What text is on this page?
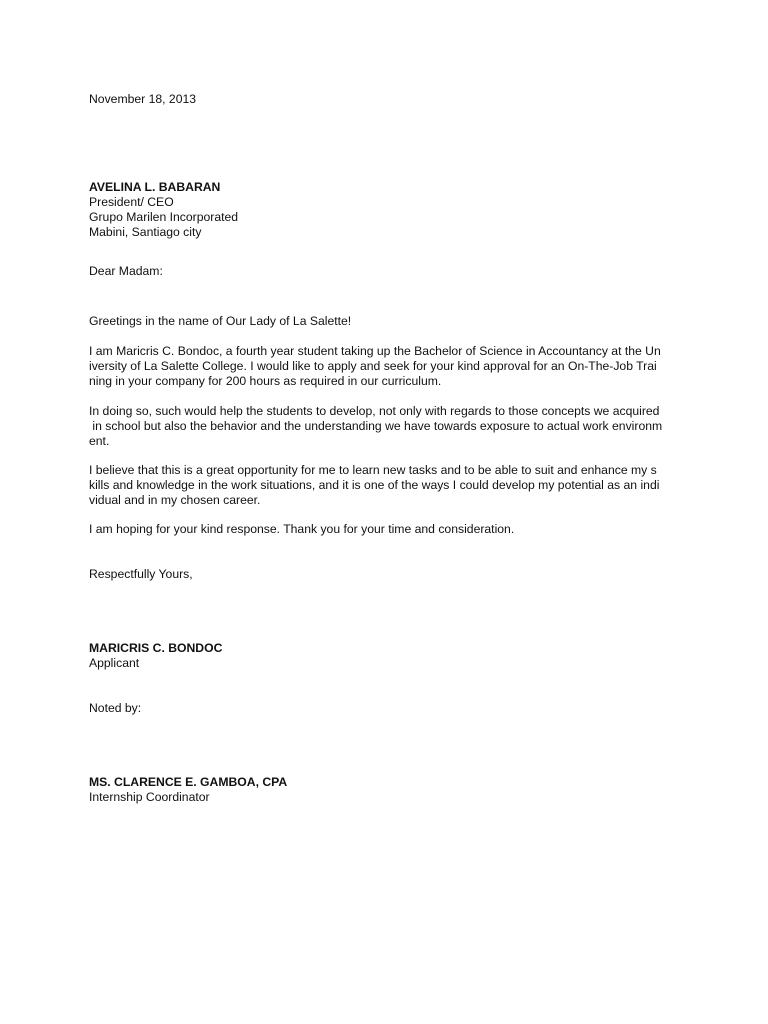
November 18, 2013
AVELINA L. BABARAN
President/ CEO
Grupo Marilen Incorporated
Mabini, Santiago city
Dear Madam:
Greetings in the name of Our Lady of La Salette!
I am Maricris C. Bondoc, a fourth year student taking up the Bachelor of Science in Accountancy at the Un
iversity of La Salette College. I would like to apply and seek for your kind approval for an On-The-Job Trai
ning in your company for 200 hours as required in our curriculum.
In doing so, such would help the students to develop, not only with regards to those concepts we acquired
in school but also the behavior and the understanding we have towards exposure to actual work environm
ent.
I believe that this is a great opportunity for me to learn new tasks and to be able to suit and enhance my s
kills and knowledge in the work situations, and it is one of the ways I could develop my potential as an indi
vidual and in my chosen career.
I am hoping for your kind response. Thank you for your time and consideration.
Respectfully Yours,
MARICRIS C. BONDOC
Applicant
Noted by:
MS. CLARENCE E. GAMBOA, CPA
Internship Coordinator
